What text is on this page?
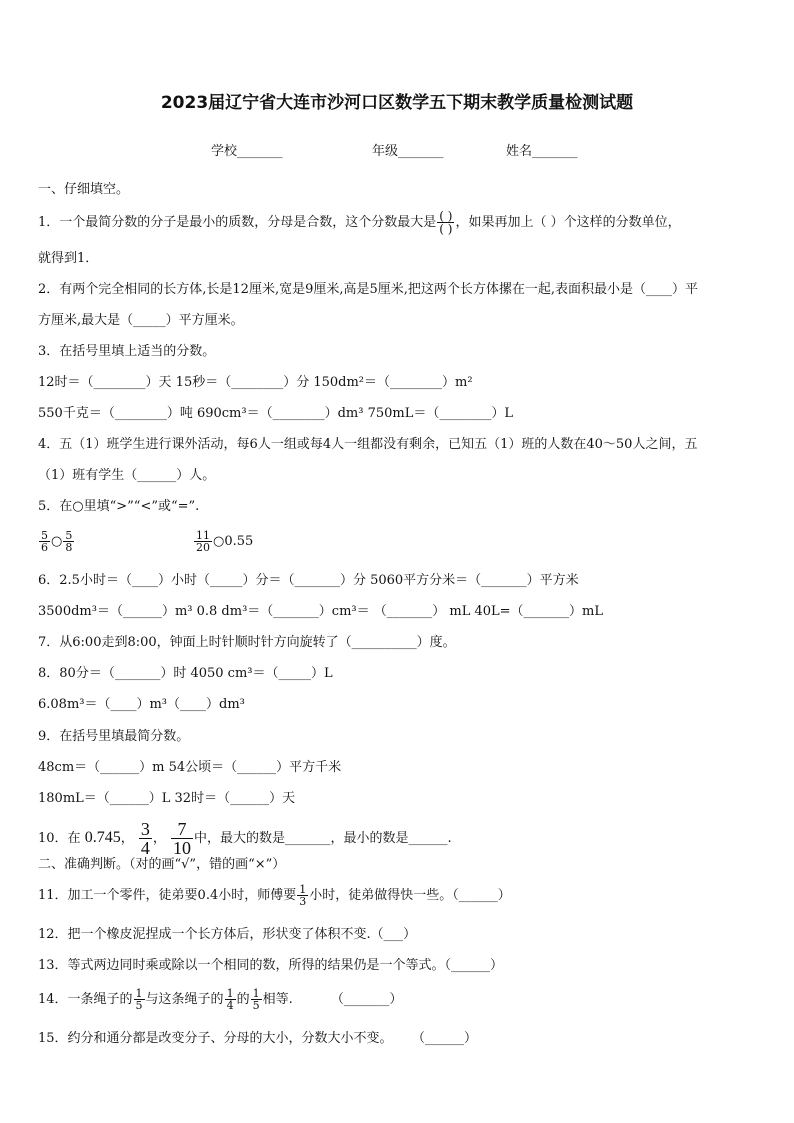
2023届辽宁省大连市沙河口区数学五下期末教学质量检测试题
学校_______	年级_______	姓名_______
一、仔细填空。
1．一个最简分数的分子是最小的质数，分母是合数，这个分数最大是 $\frac{( )}{( )}$ ，如果再加上（ ）个这样的分数单位，
就得到1．
2．有两个完全相同的长方体,长是12厘米,宽是9厘米,高是5厘米,把这两个长方体摞在一起,表面积最小是（____）平
方厘米,最大是（_____）平方厘米。
3．在括号里填上适当的分数。
12时＝（________）天 15秒＝（________）分 150dm²＝（________）m²
550千克＝（________）吨 690cm³＝（________）dm³ 750mL＝（________）L
4．五（1）班学生进行课外活动，每6人一组或每4人一组都没有剩余，已知五（1）班的人数在40～50人之间，五
（1）班有学生（______）人。
5．在○里填“>”“<”或“=”.
$\frac{5}{6}$ ○ $\frac{5}{8}$	$\frac{11}{20}$ ○0.55
6．2.5小时＝（____）小时（_____）分＝（_______）分 5060平方分米＝（_______）平方米
3500dm³＝（______）m³ 0.8 dm³＝（_______）cm³＝ （_______） mL 40L=（_______）mL
7．从6:00走到8:00，钟面上时针顺时针方向旋转了（__________）度。
8．80分＝（_______）时 4050 cm³＝（_____）L
6.08m³＝（____）m³（____）dm³
9．在括号里填最简分数。
48cm＝（______）m 54公顷＝（______）平方千米
180mL＝（______）L 32时＝（______）天
10．在 0.745， $\frac{3}{4}$ ， $\frac{7}{10}$ 中，最大的数是_______，最小的数是______.
二、准确判断。（对的画“√”，错的画“×”）
11．加工一个零件，徒弟要0.4小时，师傅要 $\frac{1}{3}$ 小时，徒弟做得快一些。（______）
12．把一个橡皮泥捏成一个长方体后，形状变了体积不变.（___）
13．等式两边同时乘或除以一个相同的数，所得的结果仍是一个等式。（______）
14．一条绳子的 $\frac{1}{5}$ 与这条绳子的 $\frac{1}{4}$ 的 $\frac{1}{5}$ 相等.	（_______）
15．约分和通分都是改变分子、分母的大小，分数大小不变。 （______）
